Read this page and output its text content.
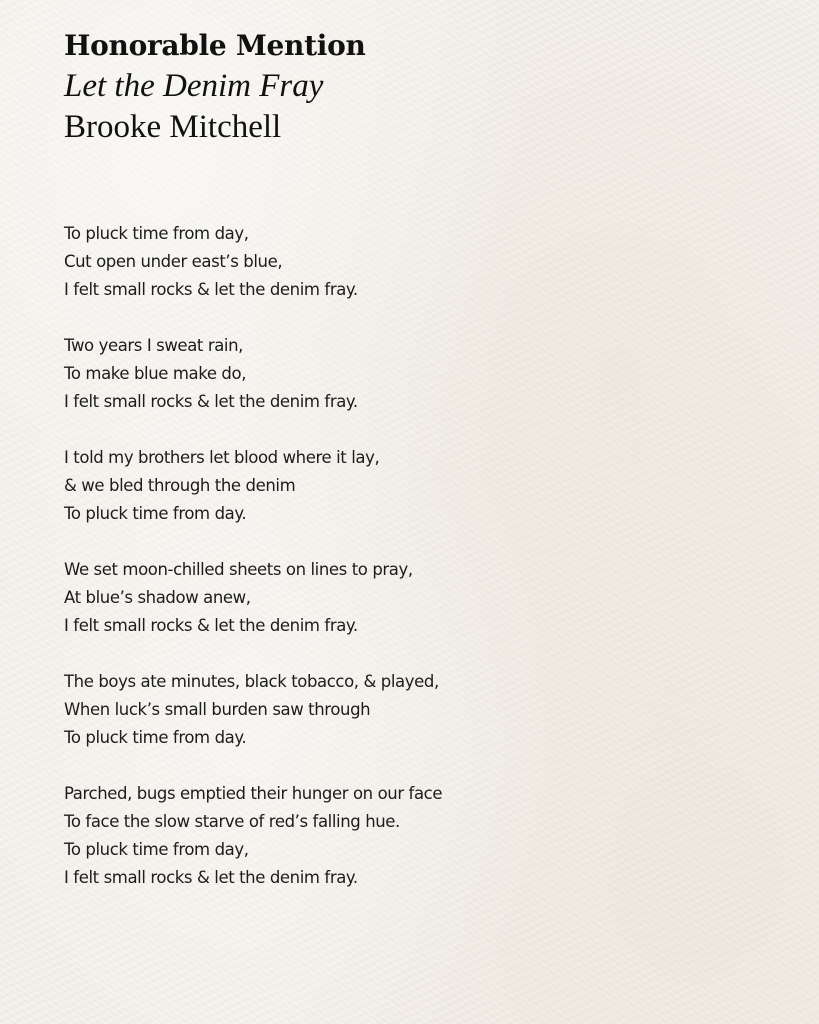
Honorable Mention
Let the Denim Fray
Brooke Mitchell
To pluck time from day,
Cut open under east’s blue,
I felt small rocks & let the denim fray.
Two years I sweat rain,
To make blue make do,
I felt small rocks & let the denim fray.
I told my brothers let blood where it lay,
& we bled through the denim
To pluck time from day.
We set moon-chilled sheets on lines to pray,
At blue’s shadow anew,
I felt small rocks & let the denim fray.
The boys ate minutes, black tobacco, & played,
When luck’s small burden saw through
To pluck time from day.
Parched, bugs emptied their hunger on our face
To face the slow starve of red’s falling hue.
To pluck time from day,
I felt small rocks & let the denim fray.
